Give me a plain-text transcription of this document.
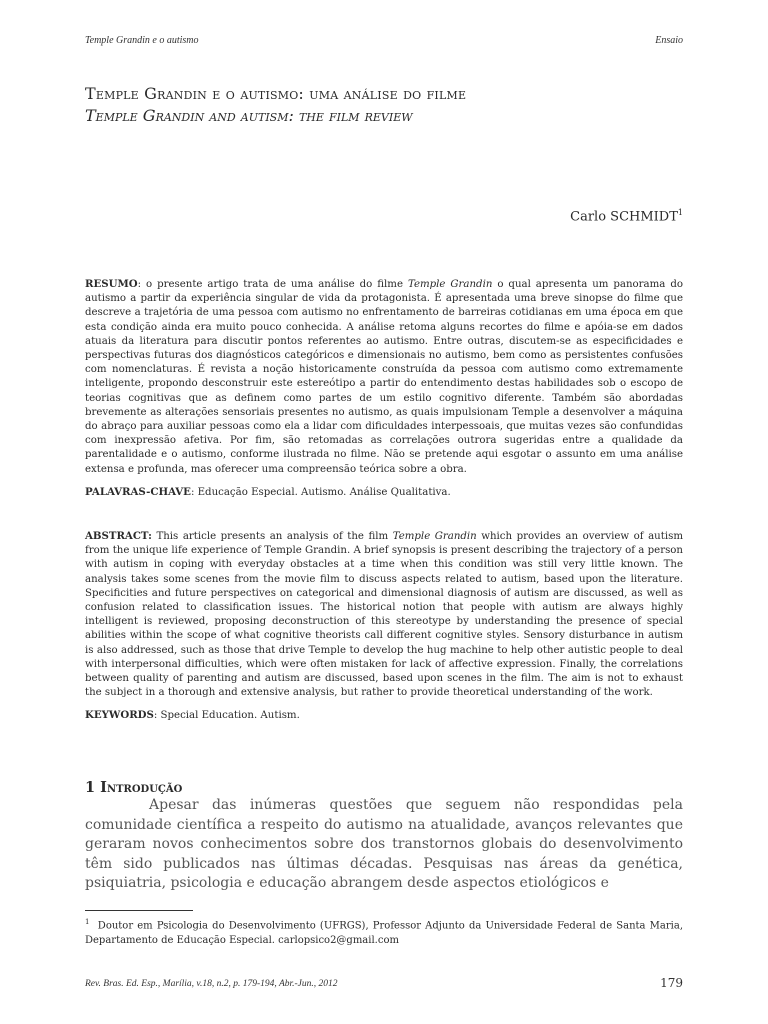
Temple Grandin e o autismo	Ensaio
Temple Grandin e o autismo: uma análise do filme
Temple Grandin and autism: the film review
Carlo SCHMIDT$^1$

RESUMO: o presente artigo trata de uma análise do filme Temple Grandin o qual apresenta um panorama do autismo a partir da experiência singular de vida da protagonista. É apresentada uma breve sinopse do filme que descreve a trajetória de uma pessoa com autismo no enfrentamento de barreiras cotidianas em uma época em que esta condição ainda era muito pouco conhecida. A análise retoma alguns recortes do filme e apóia-se em dados atuais da literatura para discutir pontos referentes ao autismo. Entre outras, discutem-se as especificidades e perspectivas futuras dos diagnósticos categóricos e dimensionais no autismo, bem como as persistentes confusões com nomenclaturas. É revista a noção historicamente construída da pessoa com autismo como extremamente inteligente, propondo desconstruir este estereótipo a partir do entendimento destas habilidades sob o escopo de teorias cognitivas que as definem como partes de um estilo cognitivo diferente. Também são abordadas brevemente as alterações sensoriais presentes no autismo, as quais impulsionam Temple a desenvolver a máquina do abraço para auxiliar pessoas como ela a lidar com dificuldades interpessoais, que muitas vezes são confundidas com inexpressão afetiva. Por fim, são retomadas as correlações outrora sugeridas entre a qualidade da parentalidade e o autismo, conforme ilustrada no filme. Não se pretende aqui esgotar o assunto em uma análise extensa e profunda, mas oferecer uma compreensão teórica sobre a obra.

PALAVRAS-CHAVE: Educação Especial. Autismo. Análise Qualitativa.

ABSTRACT: This article presents an analysis of the film Temple Grandin which provides an overview of autism from the unique life experience of Temple Grandin. A brief synopsis is present describing the trajectory of a person with autism in coping with everyday obstacles at a time when this condition was still very little known. The analysis takes some scenes from the movie film to discuss aspects related to autism, based upon the literature. Specificities and future perspectives on categorical and dimensional diagnosis of autism are discussed, as well as confusion related to classification issues. The historical notion that people with autism are always highly intelligent is reviewed, proposing deconstruction of this stereotype by understanding the presence of special abilities within the scope of what cognitive theorists call different cognitive styles. Sensory disturbance in autism is also addressed, such as those that drive Temple to develop the hug machine to help other autistic people to deal with interpersonal difficulties, which were often mistaken for lack of affective expression. Finally, the correlations between quality of parenting and autism are discussed, based upon scenes in the film. The aim is not to exhaust the subject in a thorough and extensive analysis, but rather to provide theoretical understanding of the work.

KEYWORDS: Special Education. Autism.

1 Introdução

Apesar das inúmeras questões que seguem não respondidas pela comunidade científica a respeito do autismo na atualidade, avanços relevantes que geraram novos conhecimentos sobre dos transtornos globais do desenvolvimento têm sido publicados nas últimas décadas. Pesquisas nas áreas da genética, psiquiatria, psicologia e educação abrangem desde aspectos etiológicos e

$^1$ Doutor em Psicologia do Desenvolvimento (UFRGS), Professor Adjunto da Universidade Federal de Santa Maria, Departamento de Educação Especial. carlopsico2@gmail.com

Rev. Bras. Ed. Esp., Marília, v.18, n.2, p. 179-194, Abr.-Jun., 2012	179
